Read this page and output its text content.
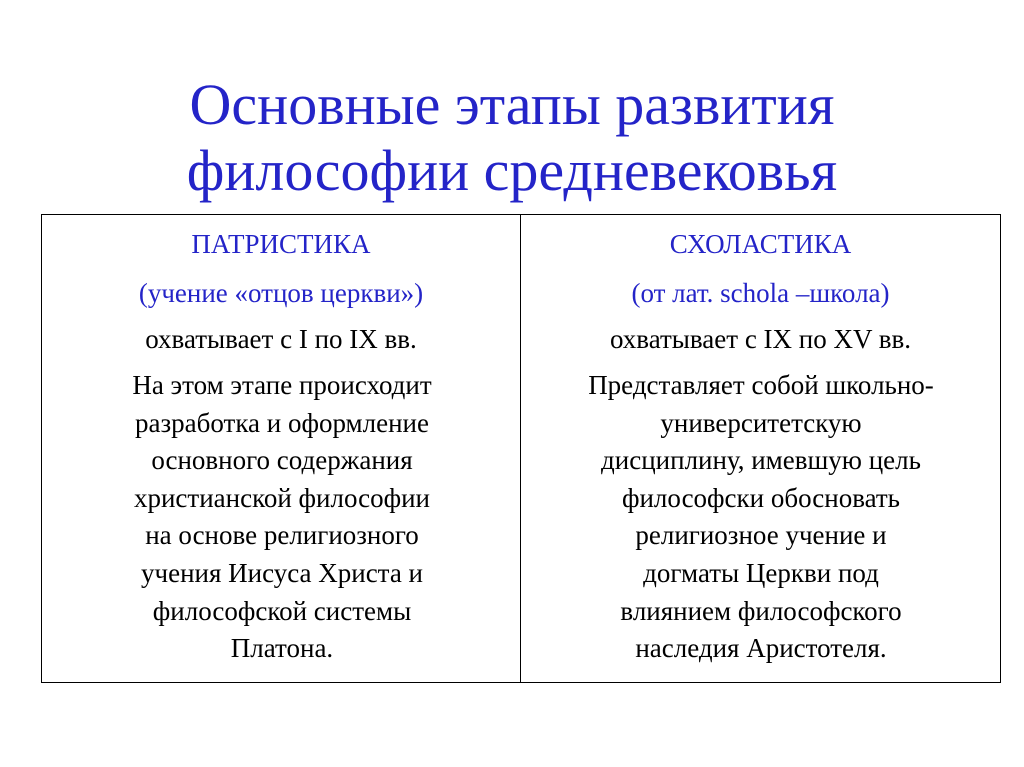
Основные этапы развития
философии средневековья
ПАТРИСТИКА
(учение «отцов церкви»)
охватывает с I по IX вв.
На этом этапе происходит
разработка и оформление
основного содержания
христианской философии
на основе религиозного
учения Иисуса Христа и
философской системы
Платона.
СХОЛАСТИКА
(от лат. schola –школа)
охватывает с IX по XV вв.
Представляет собой школьно-
университетскую
дисциплину, имевшую цель
философски обосновать
религиозное учение и
догматы Церкви под
влиянием философского
наследия Аристотеля.
